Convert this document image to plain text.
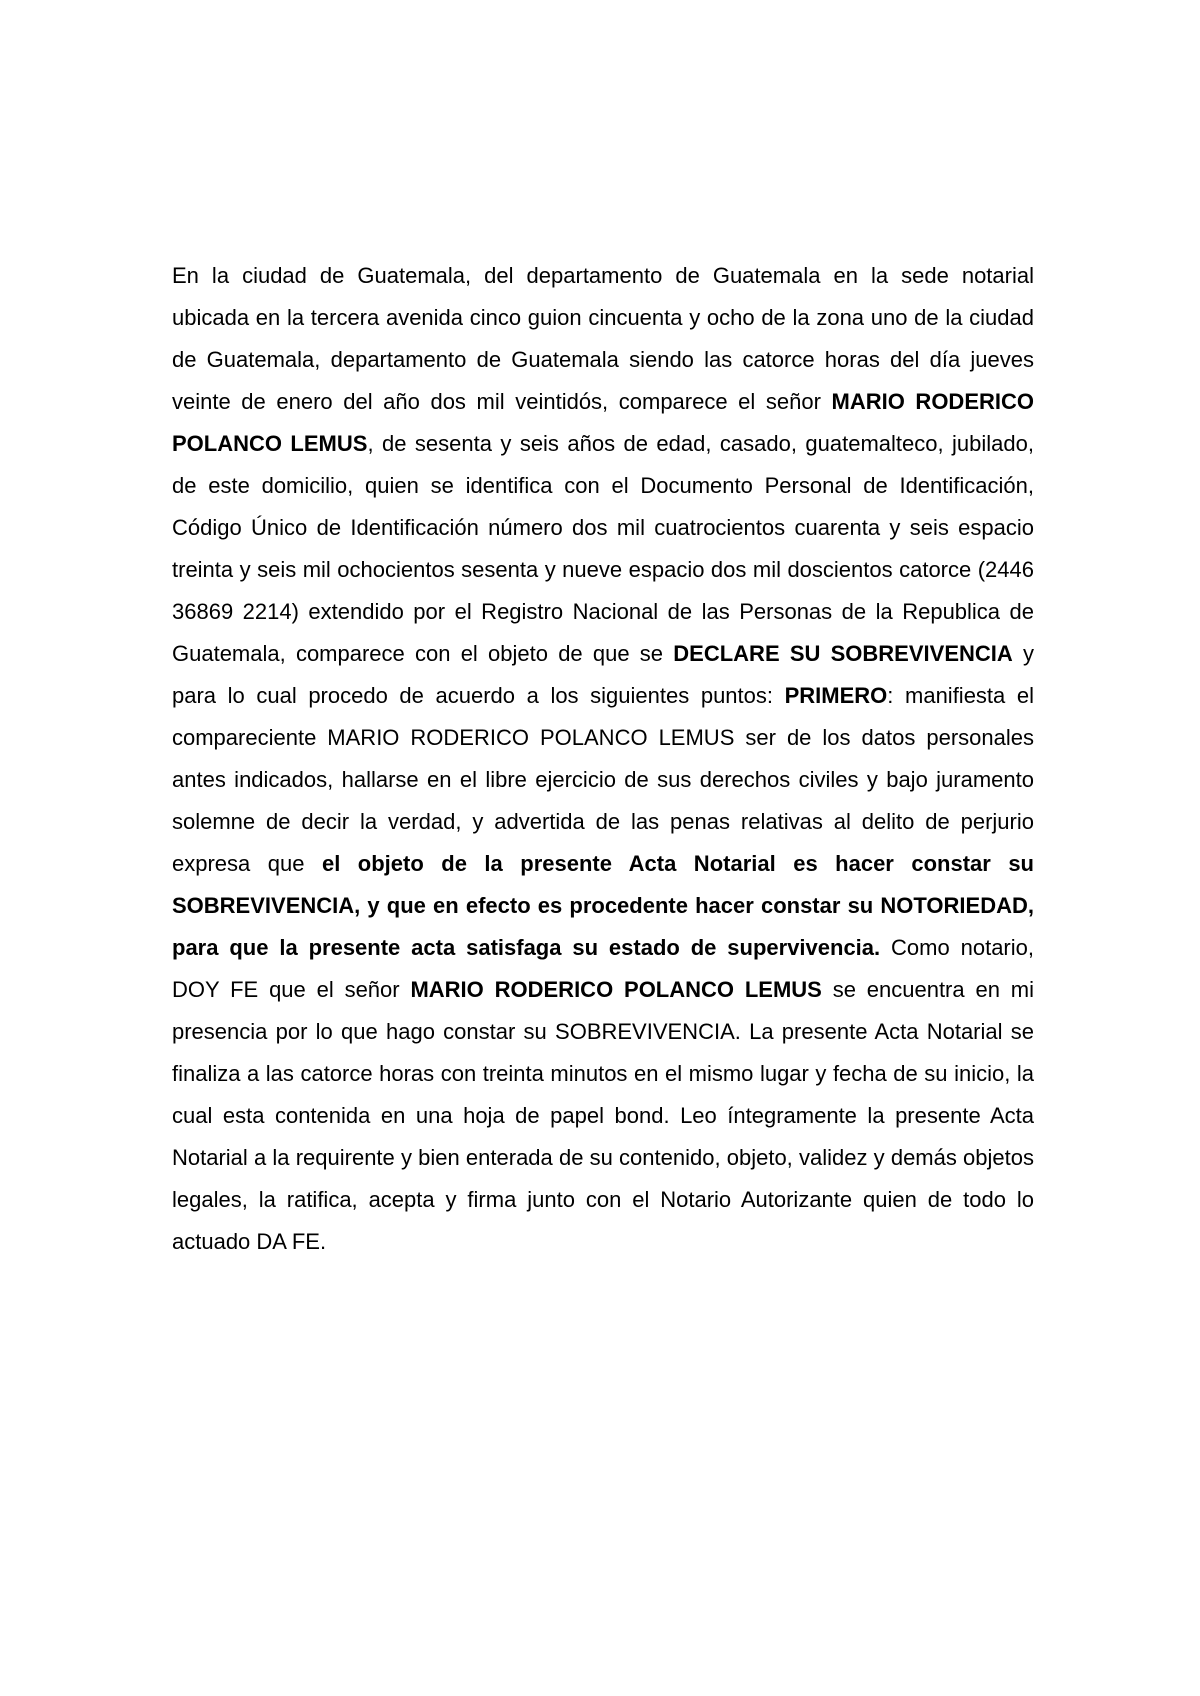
En la ciudad de Guatemala, del departamento de Guatemala en la sede notarial ubicada en la tercera avenida cinco guion cincuenta y ocho de la zona uno de la ciudad de Guatemala, departamento de Guatemala siendo las catorce horas del día jueves veinte de enero del año dos mil veintidós, comparece el señor MARIO RODERICO POLANCO LEMUS, de sesenta y seis años de edad, casado, guatemalteco, jubilado, de este domicilio, quien se identifica con el Documento Personal de Identificación, Código Único de Identificación número dos mil cuatrocientos cuarenta y seis espacio treinta y seis mil ochocientos sesenta y nueve espacio dos mil doscientos catorce (2446 36869 2214) extendido por el Registro Nacional de las Personas de la Republica de Guatemala, comparece con el objeto de que se DECLARE SU SOBREVIVENCIA y para lo cual procedo de acuerdo a los siguientes puntos: PRIMERO: manifiesta el compareciente MARIO RODERICO POLANCO LEMUS ser de los datos personales antes indicados, hallarse en el libre ejercicio de sus derechos civiles y bajo juramento solemne de decir la verdad, y advertida de las penas relativas al delito de perjurio expresa que el objeto de la presente Acta Notarial es hacer constar su SOBREVIVENCIA, y que en efecto es procedente hacer constar su NOTORIEDAD, para que la presente acta satisfaga su estado de supervivencia. Como notario, DOY FE que el señor MARIO RODERICO POLANCO LEMUS se encuentra en mi presencia por lo que hago constar su SOBREVIVENCIA. La presente Acta Notarial se finaliza a las catorce horas con treinta minutos en el mismo lugar y fecha de su inicio, la cual esta contenida en una hoja de papel bond. Leo íntegramente la presente Acta Notarial a la requirente y bien enterada de su contenido, objeto, validez y demás objetos legales, la ratifica, acepta y firma junto con el Notario Autorizante quien de todo lo actuado DA FE.
